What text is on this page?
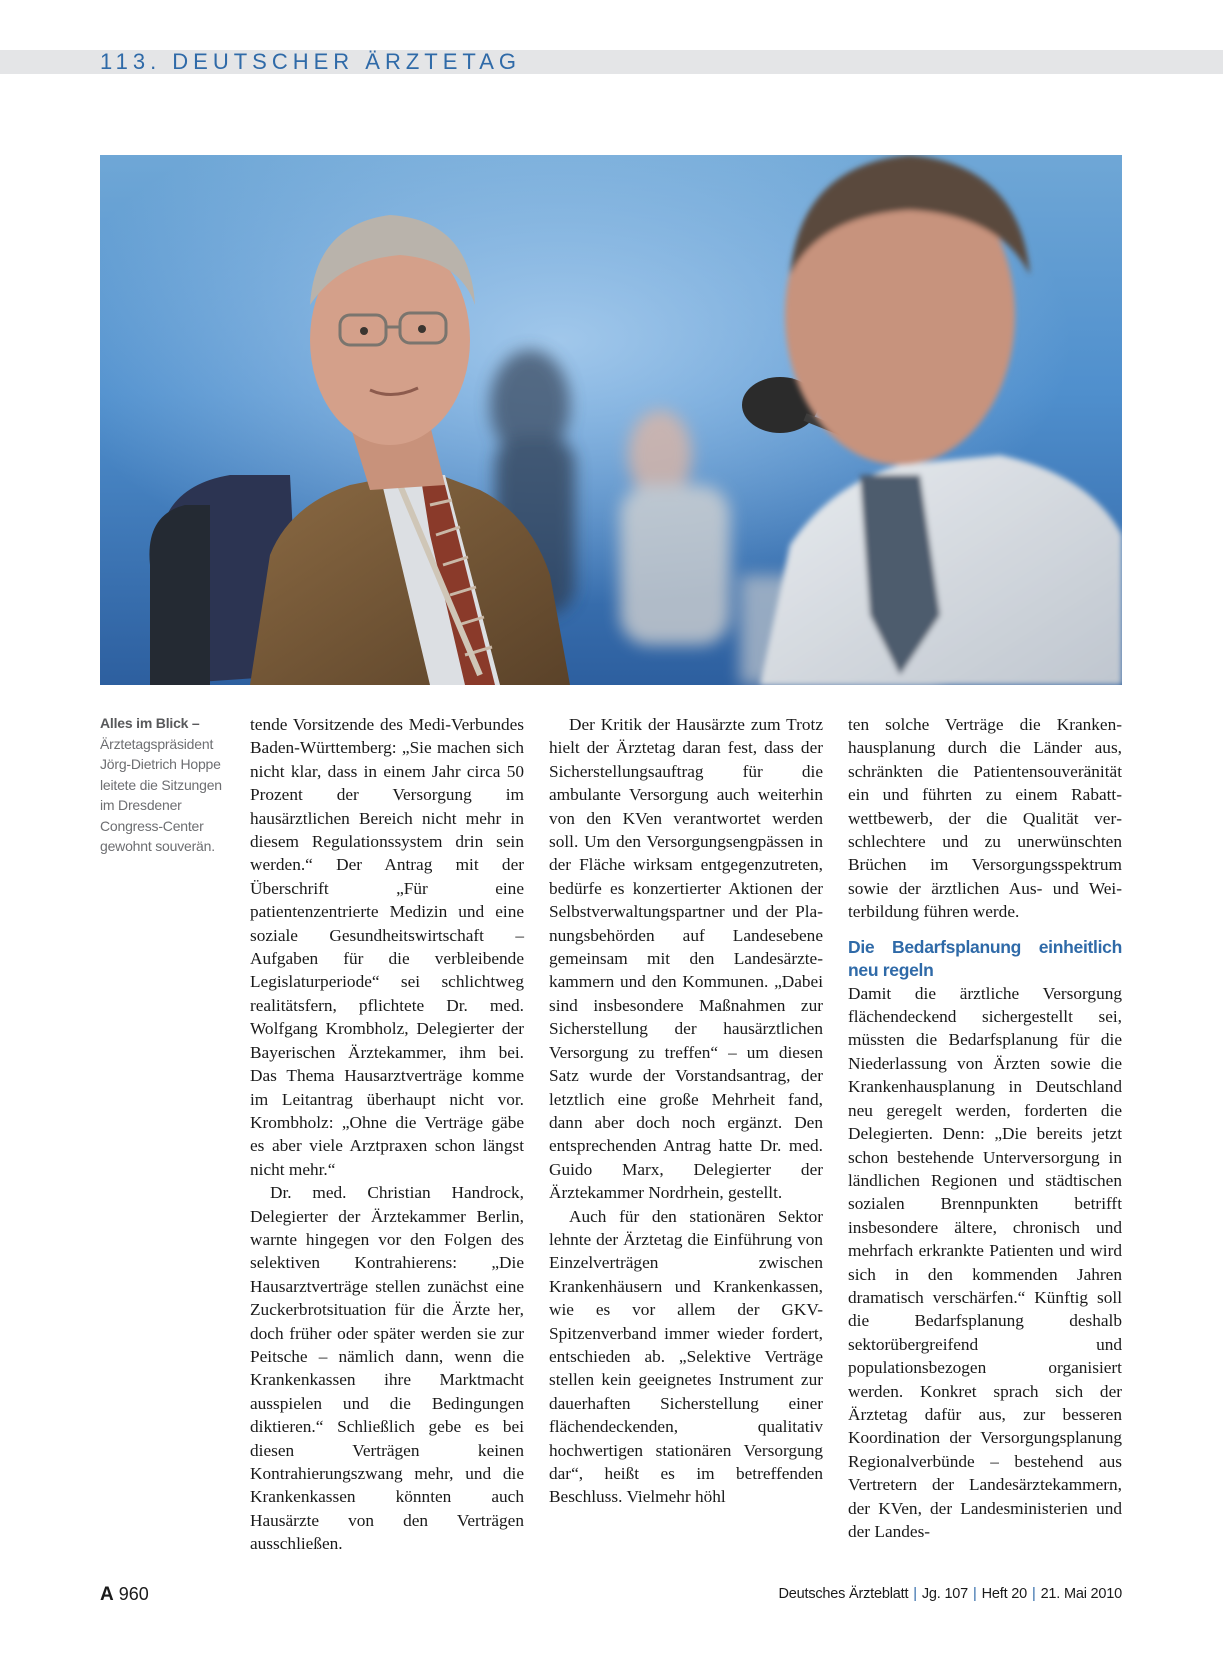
113. DEUTSCHER ÄRZTETAG
Alles im Blick –
Ärztetagspräsident
Jörg-Dietrich Hoppe
leitete die Sitzungen
im Dresdener
Congress-Center
gewohnt souverän.

tende Vorsitzende des Medi-Verbundes Baden-Württemberg: „Sie machen sich nicht klar, dass in einem Jahr circa 50 Prozent der Versorgung im hausärztlichen Bereich nicht mehr in diesem Regulationssystem drin sein werden.“ Der Antrag mit der Überschrift „Für eine patientenzentrierte Medizin und eine soziale Gesundheitswirtschaft – Aufgaben für die verbleibende Legislaturperiode“ sei schlichtweg realitätsfern, pflichtete Dr. med. Wolfgang Krombholz, Delegierter der Bayerischen Ärztekammer, ihm bei. Das Thema Hausarztverträge komme im Leitantrag überhaupt nicht vor. Krombholz: „Ohne die Verträge gäbe es aber viele Arztpraxen schon längst nicht mehr.“

Dr. med. Christian Handrock, Delegierter der Ärztekammer Berlin, warnte hingegen vor den Folgen des selektiven Kontrahierens: „Die Hausarztverträge stellen zunächst eine Zuckerbrotsituation für die Ärzte her, doch früher oder später werden sie zur Peitsche – nämlich dann, wenn die Krankenkassen ihre Marktmacht ausspielen und die Bedingungen diktieren.“ Schließlich gebe es bei diesen Verträgen keinen Kontrahierungszwang mehr, und die Krankenkassen könnten auch Hausärzte von den Verträgen ausschließen.

Der Kritik der Hausärzte zum Trotz hielt der Ärztetag daran fest, dass der Sicherstellungsauftrag für die ambulante Versorgung auch weiterhin von den KVen verantwortet werden soll. Um den Versorgungsengpässen in der Fläche wirksam entgegenzutreten, bedürfe es konzertierter Aktionen der Selbstverwaltungspartner und der Planungsbehörden auf Landesebene gemeinsam mit den Landesärztekammern und den Kommunen. „Dabei sind insbesondere Maßnahmen zur Sicherstellung der hausärztlichen Versorgung zu treffen“ – um diesen Satz wurde der Vorstandsantrag, der letztlich eine große Mehrheit fand, dann aber doch noch ergänzt. Den entsprechenden Antrag hatte Dr. med. Guido Marx, Delegierter der Ärztekammer Nordrhein, gestellt.

Auch für den stationären Sektor lehnte der Ärztetag die Einführung von Einzelverträgen zwischen Krankenhäusern und Krankenkassen, wie es vor allem der GKV-Spitzenverband immer wieder fordert, entschieden ab. „Selektive Verträge stellen kein geeignetes Instrument zur dauerhaften Sicherstellung einer flächendeckenden, qualitativ hochwertigen stationären Versorgung dar“, heißt es im betreffenden Beschluss. Vielmehr höhl

ten solche Verträge die Krankenhausplanung durch die Länder aus, schränkten die Patientensouveränität ein und führten zu einem Rabattwettbewerb, der die Qualität verschlechtere und zu unerwünschten Brüchen im Versorgungsspektrum sowie der ärztlichen Aus- und Weiterbildung führen werde.

Die Bedarfsplanung einheitlich neu regeln

Damit die ärztliche Versorgung flächendeckend sichergestellt sei, müssten die Bedarfsplanung für die Niederlassung von Ärzten sowie die Krankenhausplanung in Deutschland neu geregelt werden, forderten die Delegierten. Denn: „Die bereits jetzt schon bestehende Unterversorgung in ländlichen Regionen und städtischen sozialen Brennpunkten betrifft insbesondere ältere, chronisch und mehrfach erkrankte Patienten und wird sich in den kommenden Jahren dramatisch verschärfen.“ Künftig soll die Bedarfsplanung deshalb sektorübergreifend und populationsbezogen organisiert werden. Konkret sprach sich der Ärztetag dafür aus, zur besseren Koordination der Versorgungsplanung Regionalverbünde – bestehend aus Vertretern der Landesärztekammern, der KVen, der Landesministerien und der Landes-

A 960	Deutsches Ärzteblatt | Jg. 107 | Heft 20 | 21. Mai 2010
